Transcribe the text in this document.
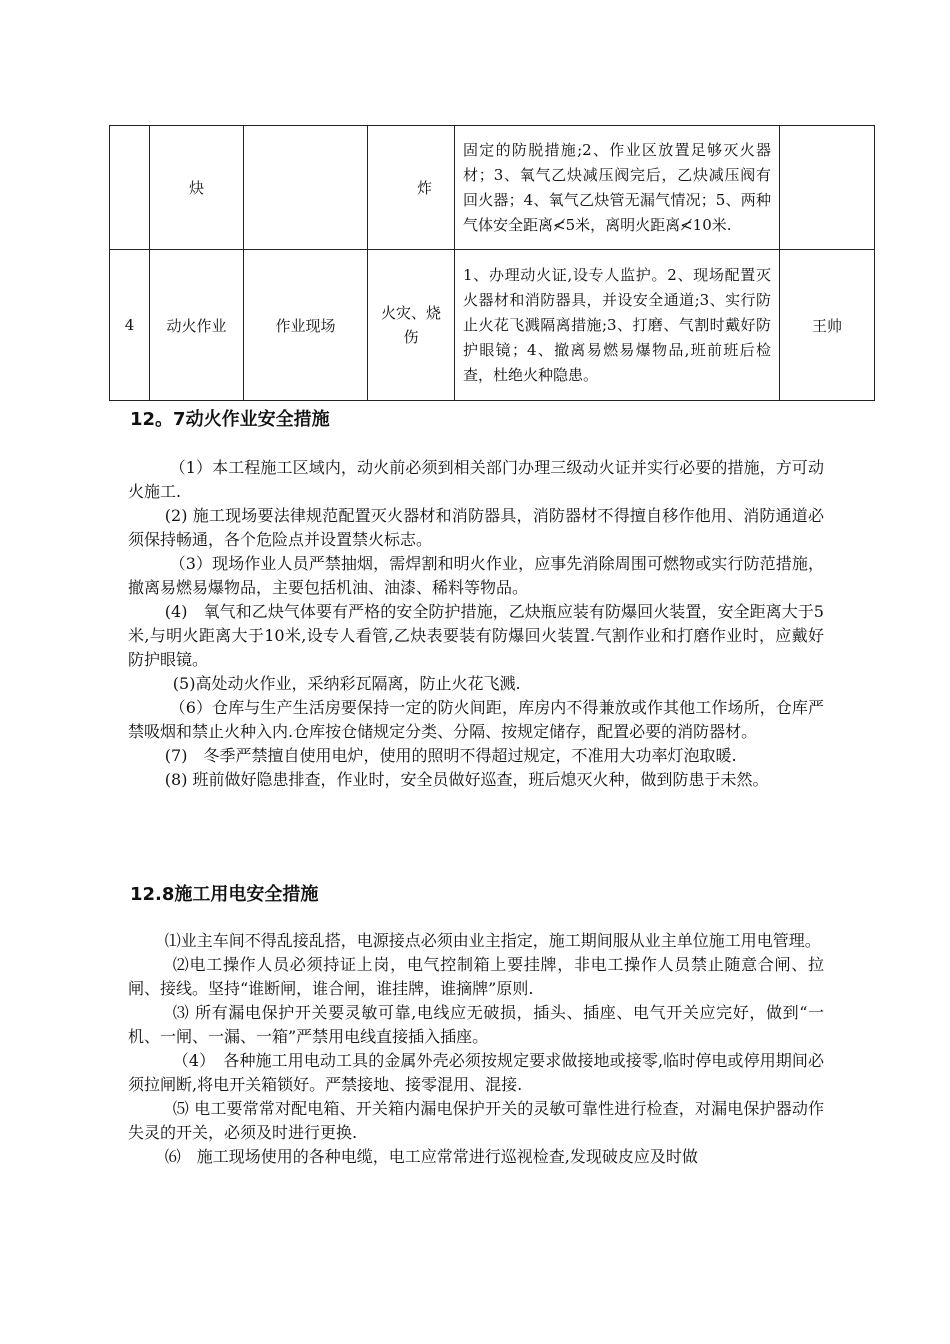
	炔		炸	固定的防脱措施;2、作业区放置足够灭火器材；3、氧气乙炔减压阀完后，乙炔减压阀有回火器；4、氧气乙炔管无漏气情况；5、两种气体安全距离≮5米，离明火距离≮10米.	
4	动火作业	作业现场	火灾、烧伤	1、办理动火证,设专人监护。2、现场配置灭火器材和消防器具，并设安全通道;3、实行防止火花飞溅隔离措施;3、打磨、气割时戴好防护眼镜；4、撤离易燃易爆物品,班前班后检查，杜绝火种隐患。	王帅
12。7动火作业安全措施

（1）本工程施工区域内，动火前必须到相关部门办理三级动火证并实行必要的措施，方可动火施工.

(2) 施工现场要法律规范配置灭火器材和消防器具，消防器材不得擅自移作他用、消防通道必须保持畅通，各个危险点并设置禁火标志。

（3）现场作业人员严禁抽烟，需焊割和明火作业，应事先消除周围可燃物或实行防范措施，撤离易燃易爆物品，主要包括机油、油漆、稀料等物品。

(4)　氧气和乙炔气体要有严格的安全防护措施，乙炔瓶应装有防爆回火装置，安全距离大于5米,与明火距离大于10米,设专人看管,乙炔表要装有防爆回火装置.气割作业和打磨作业时，应戴好防护眼镜。

(5)高处动火作业，采纳彩瓦隔离，防止火花飞溅.

（6）仓库与生产生活房要保持一定的防火间距，库房内不得兼放或作其他工作场所，仓库严禁吸烟和禁止火种入内.仓库按仓储规定分类、分隔、按规定储存，配置必要的消防器材。

(7)　冬季严禁擅自使用电炉，使用的照明不得超过规定，不准用大功率灯泡取暖.

(8) 班前做好隐患排查，作业时，安全员做好巡查，班后熄灭火种，做到防患于未然。

12.8施工用电安全措施

⑴业主车间不得乱接乱搭，电源接点必须由业主指定，施工期间服从业主单位施工用电管理。

⑵电工操作人员必须持证上岗，电气控制箱上要挂牌，非电工操作人员禁止随意合闸、拉闸、接线。坚持“谁断闸，谁合闸，谁挂牌，谁摘牌”原则.

⑶ 所有漏电保护开关要灵敏可靠,电线应无破损，插头、插座、电气开关应完好，做到“一机、一闸、一漏、一箱”严禁用电线直接插入插座。

（4）　各种施工用电动工具的金属外壳必须按规定要求做接地或接零,临时停电或停用期间必须拉闸断,将电开关箱锁好。严禁接地、接零混用、混接.

⑸ 电工要常常对配电箱、开关箱内漏电保护开关的灵敏可靠性进行检查，对漏电保护器动作失灵的开关，必须及时进行更换.

⑹　施工现场使用的各种电缆，电工应常常进行巡视检查,发现破皮应及时做
